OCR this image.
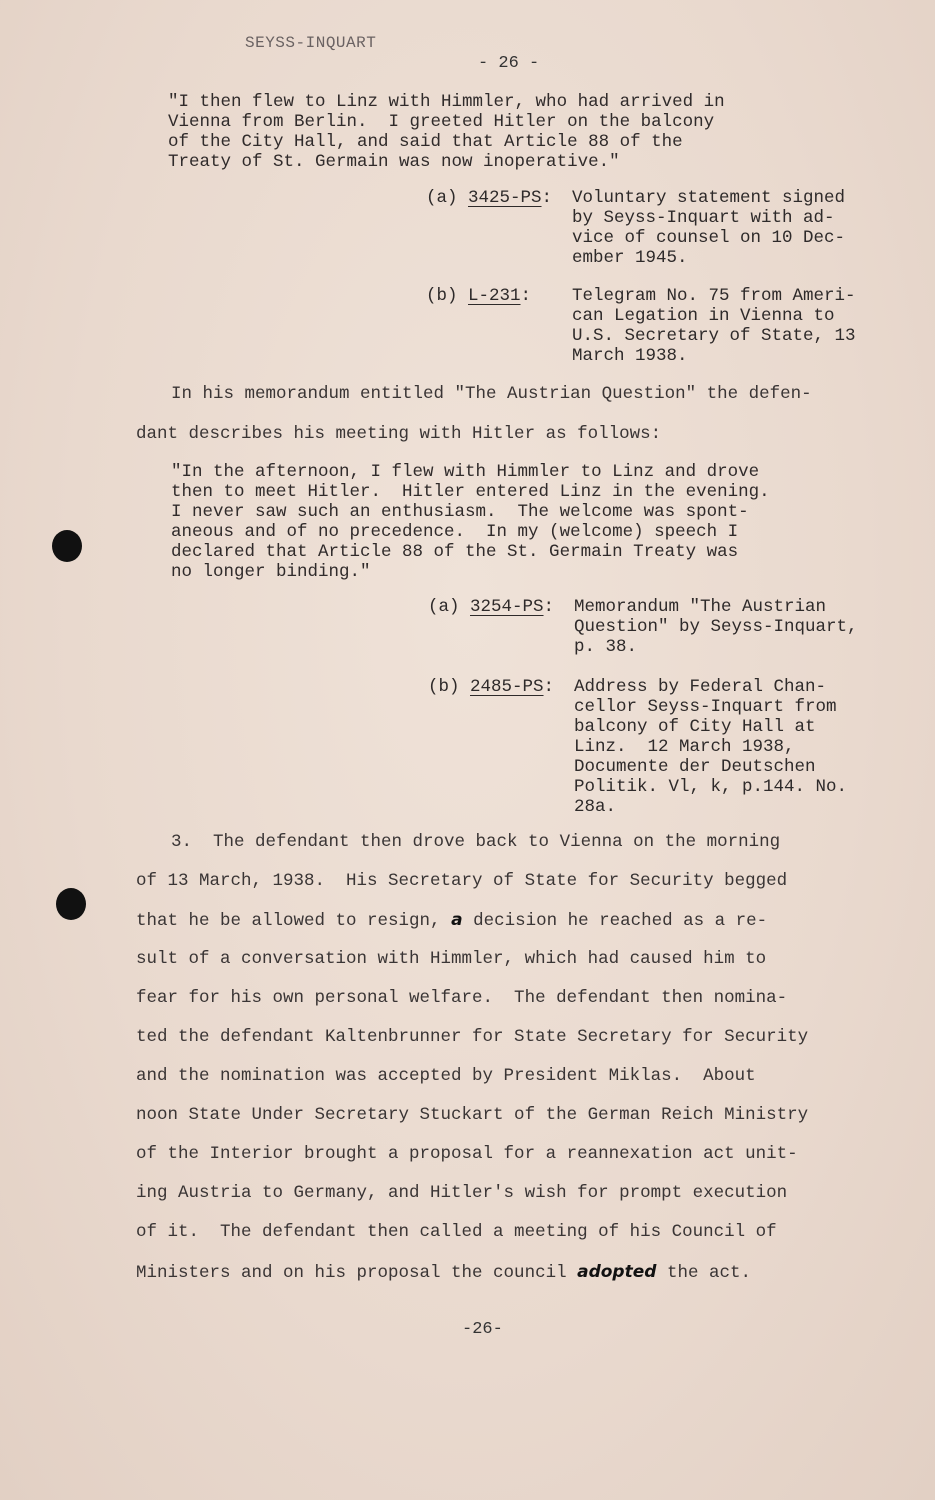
SEYSS-INQUART
- 26 -
"I then flew to Linz with Himmler, who had arrived in
Vienna from Berlin.  I greeted Hitler on the balcony
of the City Hall, and said that Article 88 of the
Treaty of St. Germain was now inoperative."
(a) 3425-PS: Voluntary statement signed
by Seyss-Inquart with ad-
vice of counsel on 10 Dec-
ember 1945.
(b) L-231: Telegram No. 75 from Ameri-
can Legation in Vienna to
U.S. Secretary of State, 13
March 1938.
In his memorandum entitled "The Austrian Question" the defen-
dant describes his meeting with Hitler as follows:
"In the afternoon, I flew with Himmler to Linz and drove
then to meet Hitler.  Hitler entered Linz in the evening.
I never saw such an enthusiasm.  The welcome was spont-
aneous and of no precedence.  In my (welcome) speech I
declared that Article 88 of the St. Germain Treaty was
no longer binding."
(a) 3254-PS: Memorandum "The Austrian
Question" by Seyss-Inquart,
p. 38.
(b) 2485-PS: Address by Federal Chan-
cellor Seyss-Inquart from
balcony of City Hall at
Linz.  12 March 1938,
Documente der Deutschen
Politik. Vl, k, p.144. No.
28a.
3.  The defendant then drove back to Vienna on the morning
of 13 March, 1938.  His Secretary of State for Security begged
that he be allowed to resign, a decision he reached as a re-
sult of a conversation with Himmler, which had caused him to
fear for his own personal welfare.  The defendant then nomina-
ted the defendant Kaltenbrunner for State Secretary for Security
and the nomination was accepted by President Miklas.  About
noon State Under Secretary Stuckart of the German Reich Ministry
of the Interior brought a proposal for a reannexation act unit-
ing Austria to Germany, and Hitler's wish for prompt execution
of it.  The defendant then called a meeting of his Council of
Ministers and on his proposal the council adopted the act.
-26-
